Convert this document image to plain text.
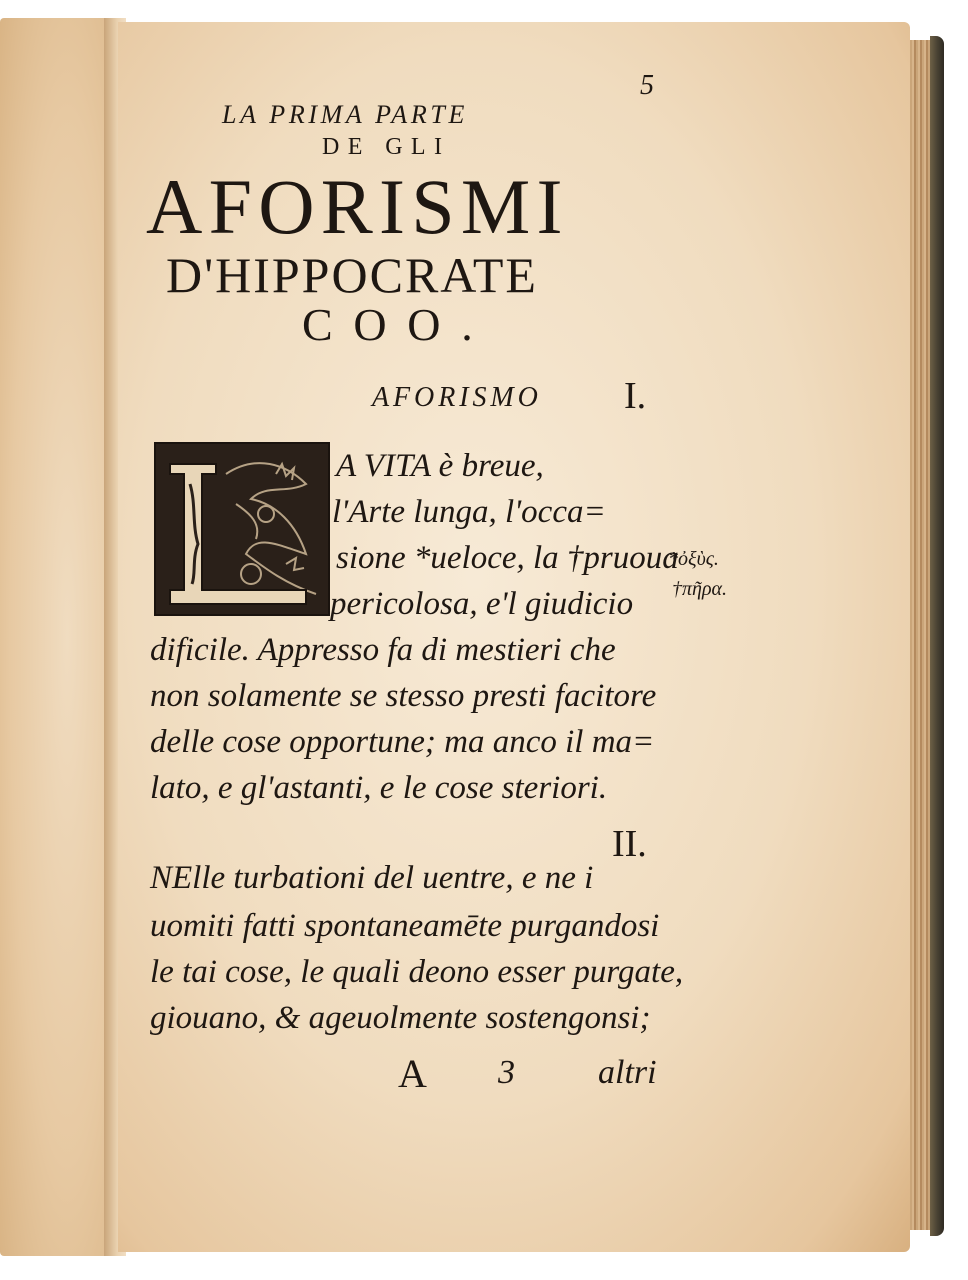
5
LA PRIMA PARTE
DE GLI
AFORISMI
D'HIPPOCRATE
COO.
AFORISMO I.
A VITA è breue,
l'Arte lunga, l'occa=
sione *ueloce, la †pruoua
pericolosa, e'l giudicio
dificile. Appresso fa di mestieri che
non solamente se stesso presti facitore
delle cose opportune; ma anco il ma=
lato, e gl'astanti, e le cose steriori.
*ὀξὺς.
†πῆρα.
II.
NElle turbationi del uentre, e ne i
uomiti fatti spontaneamēte purgandosi
le tai cose, le quali deono esser purgate,
giouano, & ageuolmente sostengonsi;
A 3 altri
